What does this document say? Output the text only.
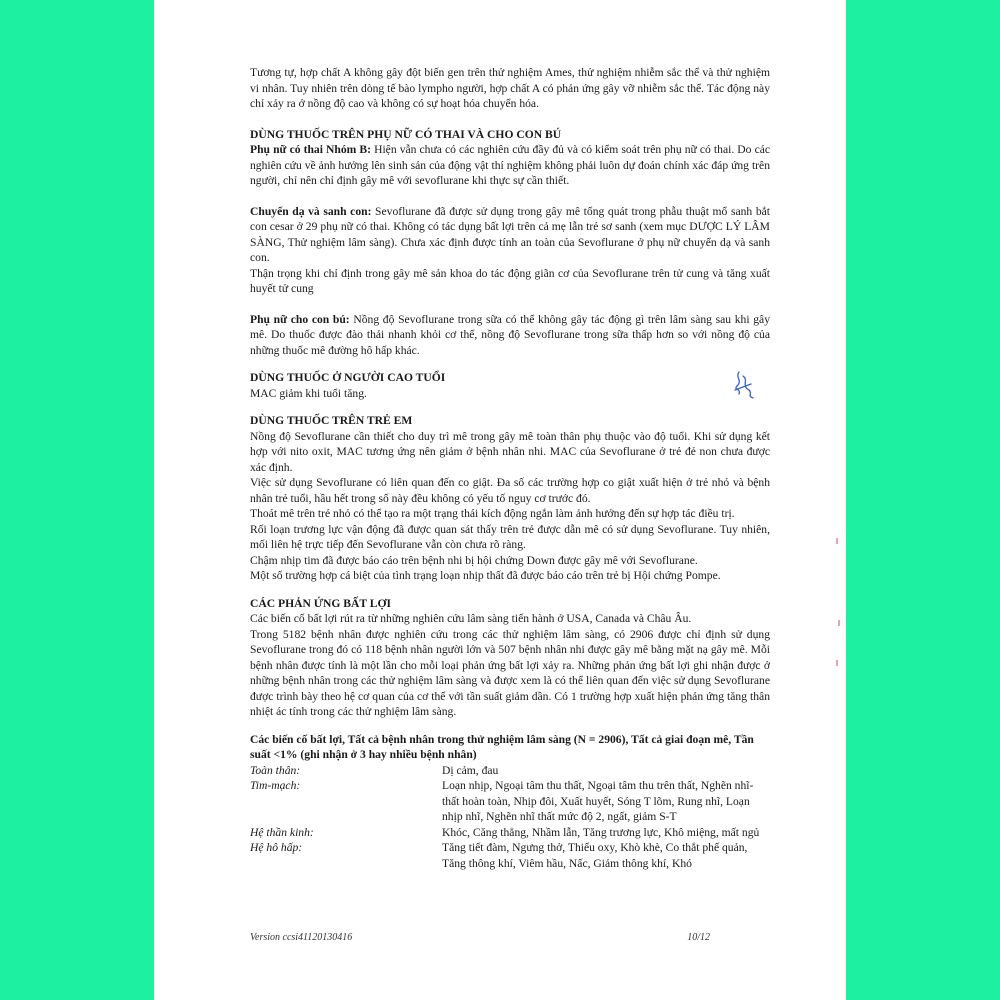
Tương tự, hợp chất A không gây đột biến gen trên thử nghiệm Ames, thử nghiệm nhiễm sắc thể và thử nghiệm vi nhân. Tuy nhiên trên dòng tế bào lympho người, hợp chất A có phản ứng gây vỡ nhiễm sắc thể. Tác động này chỉ xảy ra ở nồng độ cao và không có sự hoạt hóa chuyển hóa.

DÙNG THUỐC TRÊN PHỤ NỮ CÓ THAI VÀ CHO CON BÚ

Phụ nữ có thai Nhóm B: Hiện vẫn chưa có các nghiên cứu đầy đủ và có kiểm soát trên phụ nữ có thai. Do các nghiên cứu về ảnh hưởng lên sinh sản của động vật thí nghiệm không phải luôn dự đoán chính xác đáp ứng trên người, chỉ nên chỉ định gây mê với sevoflurane khi thực sự cần thiết.

Chuyển dạ và sanh con: Sevoflurane đã được sử dụng trong gây mê tổng quát trong phẫu thuật mổ sanh bắt con cesar ở 29 phụ nữ có thai. Không có tác dụng bất lợi trên cả mẹ lẫn trẻ sơ sanh (xem mục DƯỢC LÝ LÂM SÀNG, Thử nghiệm lâm sàng). Chưa xác định được tính an toàn của Sevoflurane ở phụ nữ chuyển dạ và sanh con.

Thận trọng khi chỉ định trong gây mê sản khoa do tác động giãn cơ của Sevoflurane trên tử cung và tăng xuất huyết tử cung

Phụ nữ cho con bú: Nồng độ Sevoflurane trong sữa có thể không gây tác động gì trên lâm sàng sau khi gây mê. Do thuốc được đào thải nhanh khỏi cơ thể, nồng độ Sevoflurane trong sữa thấp hơn so với nồng độ của những thuốc mê đường hô hấp khác.

DÙNG THUỐC Ở NGƯỜI CAO TUỔI

MAC giảm khi tuổi tăng.

DÙNG THUỐC TRÊN TRẺ EM

Nồng độ Sevoflurane cần thiết cho duy trì mê trong gây mê toàn thân phụ thuộc vào độ tuổi. Khi sử dụng kết hợp với nito oxit, MAC tương ứng nên giảm ở bệnh nhân nhi. MAC của Sevoflurane ở trẻ đẻ non chưa được xác định.

Việc sử dụng Sevoflurane có liên quan đến co giật. Đa số các trường hợp co giật xuất hiện ở trẻ nhỏ và bệnh nhân trẻ tuổi, hầu hết trong số này đều không có yếu tố nguy cơ trước đó.

Thoát mê trên trẻ nhỏ có thể tạo ra một trạng thái kích động ngắn làm ảnh hưởng đến sự hợp tác điều trị.

Rối loạn trương lực vận động đã được quan sát thấy trên trẻ được dẫn mê có sử dụng Sevoflurane. Tuy nhiên, mối liên hệ trực tiếp đến Sevoflurane vẫn còn chưa rõ ràng.

Chậm nhịp tim đã được báo cáo trên bệnh nhi bị hội chứng Down được gây mê với Sevoflurane.

Một số trường hợp cá biệt của tình trạng loạn nhịp thất đã được báo cáo trên trẻ bị Hội chứng Pompe.

CÁC PHẢN ỨNG BẤT LỢI

Các biến cố bất lợi rút ra từ những nghiên cứu lâm sàng tiến hành ở USA, Canada và Châu Âu.

Trong 5182 bệnh nhân được nghiên cứu trong các thử nghiệm lâm sàng, có 2906 được chỉ định sử dụng Sevoflurane trong đó có 118 bệnh nhân người lớn và 507 bệnh nhân nhi được gây mê bằng mặt nạ gây mê. Mỗi bệnh nhân được tính là một lần cho mỗi loại phản ứng bất lợi xảy ra. Những phản ứng bất lợi ghi nhận được ở những bệnh nhân trong các thử nghiệm lâm sàng và được xem là có thể liên quan đến việc sử dụng Sevoflurane được trình bày theo hệ cơ quan của cơ thể với tần suất giảm dần. Có 1 trường hợp xuất hiện phản ứng tăng thân nhiệt ác tính trong các thử nghiệm lâm sàng.

Các biến cố bất lợi, Tất cả bệnh nhân trong thử nghiệm lâm sàng (N = 2906), Tất cả giai đoạn mê, Tần suất <1% (ghi nhận ở 3 hay nhiều bệnh nhân)

Toàn thân:	Dị cảm, đau
Tim-mạch:	Loạn nhịp, Ngoại tâm thu thất, Ngoại tâm thu trên thất, Nghẽn nhĩ-thất hoàn toàn, Nhịp đôi, Xuất huyết, Sóng T lõm, Rung nhĩ, Loạn nhịp nhĩ, Nghẽn nhĩ thất mức độ 2, ngất, giảm S-T
Hệ thần kinh:	Khóc, Căng thẳng, Nhầm lẫn, Tăng trương lực, Khô miệng, mất ngủ
Hệ hô hấp:	Tăng tiết đàm, Ngưng thở, Thiếu oxy, Khò khè, Co thắt phế quản, Tăng thông khí, Viêm hầu, Nấc, Giảm thông khí, Khó
Version ccsi41120130416	10/12
